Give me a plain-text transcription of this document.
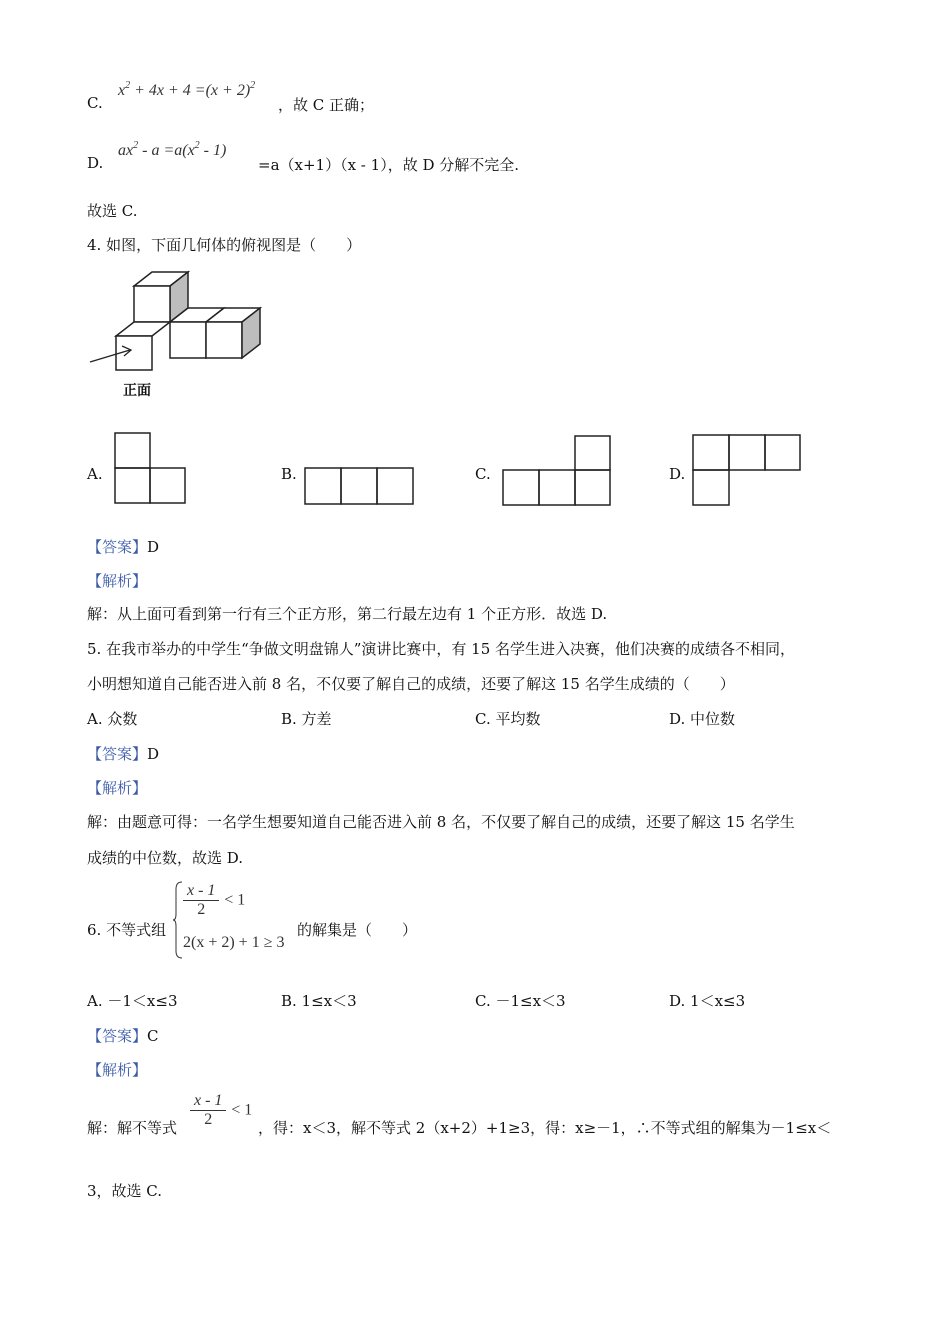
C.
$x^2 + 4x + 4 =(x + 2)^2$
，故 C 正确；
D.
$ax^2 - a =a(x^2 - 1)$
=a（x+1）（x - 1），故 D 分解不完全.
故选 C.
4. 如图，下面几何体的俯视图是（　　）
正面
A.	B.	C.	D.
【答案】D
【解析】
解：从上面可看到第一行有三个正方形，第二行最左边有 1 个正方形．故选 D.
5. 在我市举办的中学生“争做文明盘锦人”演讲比赛中，有 15 名学生进入决赛，他们决赛的成绩各不相同，
小明想知道自己能否进入前 8 名，不仅要了解自己的成绩，还要了解这 15 名学生成绩的（　　）
A. 众数	B. 方差	C. 平均数	D. 中位数
【答案】D
【解析】
解：由题意可得：一名学生想要知道自己能否进入前 8 名，不仅要了解自己的成绩，还要了解这 15 名学生
成绩的中位数，故选 D.
6. 不等式组
$\frac{x - 1}{2} < 1$
2(x + 2) + 1 ≥ 3
的解集是（　　）
A. －1＜x≤3	B. 1≤x＜3	C. －1≤x＜3	D. 1＜x≤3
【答案】C
【解析】
解：解不等式 $\frac{x - 1}{2} < 1$
，得：x＜3，解不等式 2（x+2）+1≥3，得：x≥－1，∴不等式组的解集为－1≤x＜
3，故选 C.
